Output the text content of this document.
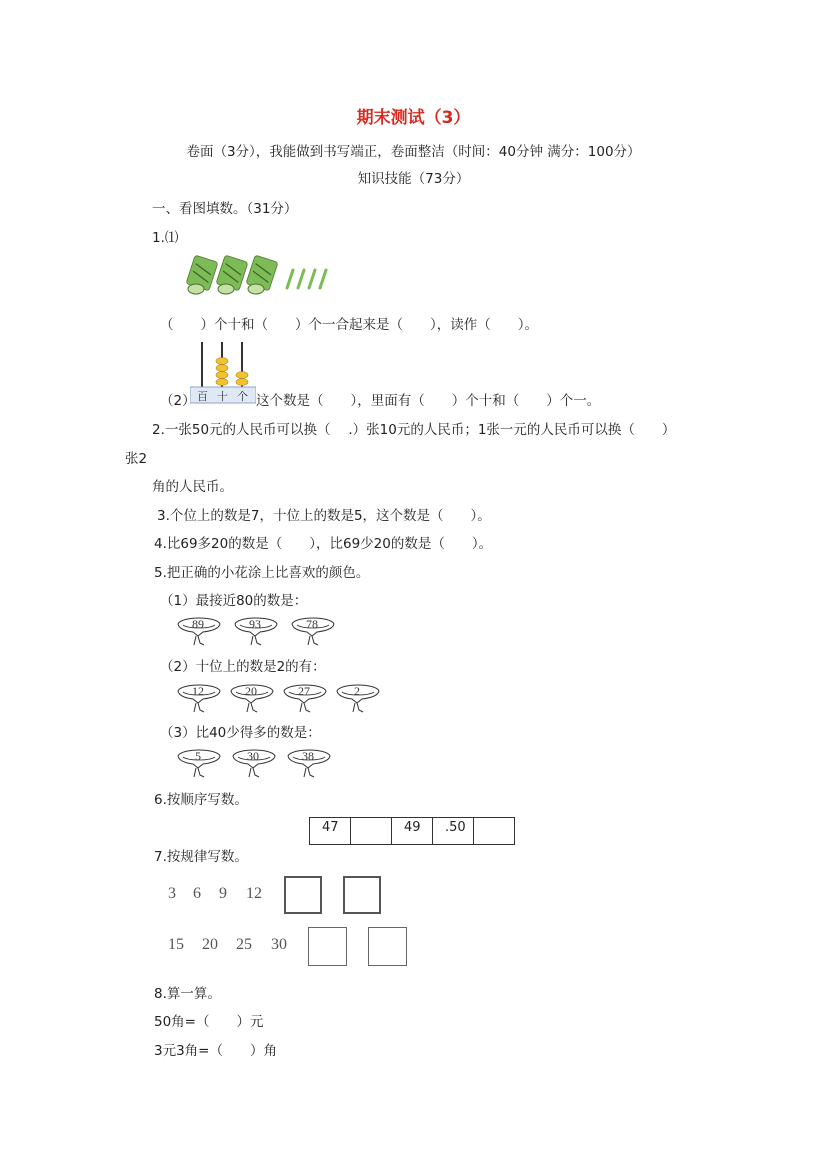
期末测试（3）
卷面（3分），我能做到书写端正，卷面整洁（时间：40分钟 满分：100分）
知识技能（73分）
一、看图填数。（31分）
1.⑴
（　　）个十和（　　）个一合起来是（　　），读作（　　）。
百 十 个
（2）	这个数是（　　），里面有（　　）个十和（　　）个一。
2.一张50元的人民币可以换（　 .）张10元的人民币；1张一元的人民币可以换（　　）
张2
角的人民币。
3.个位上的数是7，十位上的数是5，这个数是（　　）。
4.比69多20的数是（　　），比69少20的数是（　　）。
5.把正确的小花涂上比喜欢的颜色。
（1）最接近80的数是：
89	93	78
（2）十位上的数是2的有：
12	20	27	2
（3）比40少得多的数是：
5	30	38
6.按顺序写数。
47		49	.50	
7.按规律写数。
3 6 9 12
15 20 25 30
8.算一算。
50角=（　　）元
3元3角=（　　）角
